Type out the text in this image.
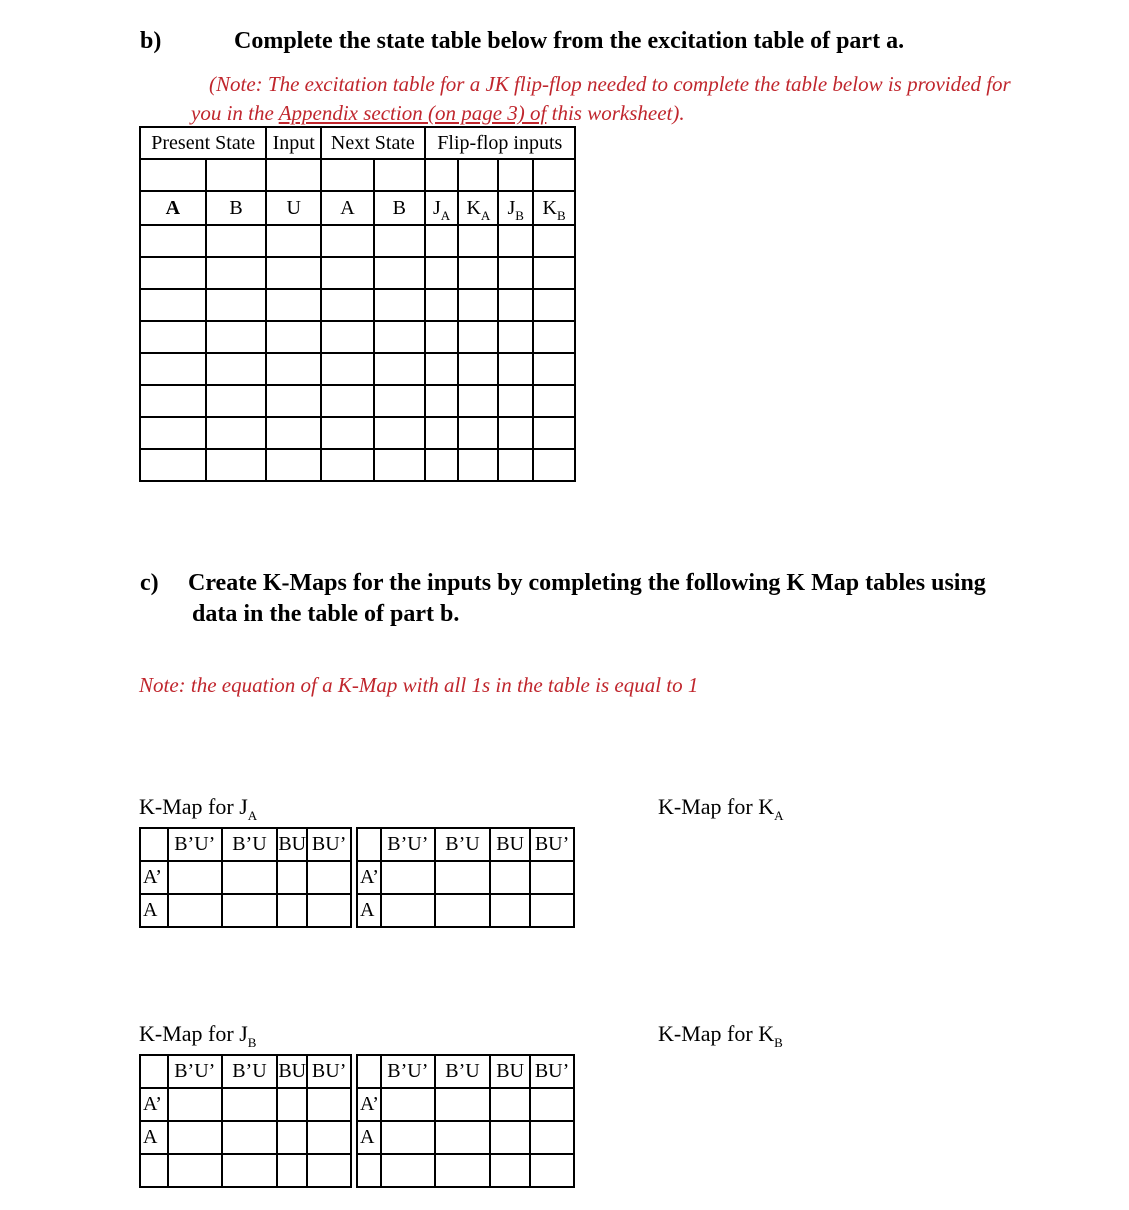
b)	Complete the state table below from the excitation table of part a.
(Note: The excitation table for a JK flip-flop needed to complete the table below is provided for
you in the Appendix section (on page 3) of this worksheet).
Present State		Input	Next State		Flip-flop inputs			

A	B	U	A	B	$J_A$	$K_A$	$J_B$	$K_B$

c) Create K-Maps for the inputs by completing the following K Map tables using
data in the table of part b.
Note: the equation of a K-Map with all 1s in the table is equal to 1
K-Map for $J_A$	K-Map for $K_A$
K-Map for $J_B$	K-Map for $K_B$
	B’U’	B’U	BU	BU’			B’U’	B’U	BU	BU’
A’						A’				
A						A				
	B’U’	B’U	BU	BU’			B’U’	B’U	BU	BU’
A’						A’				
A						A				
